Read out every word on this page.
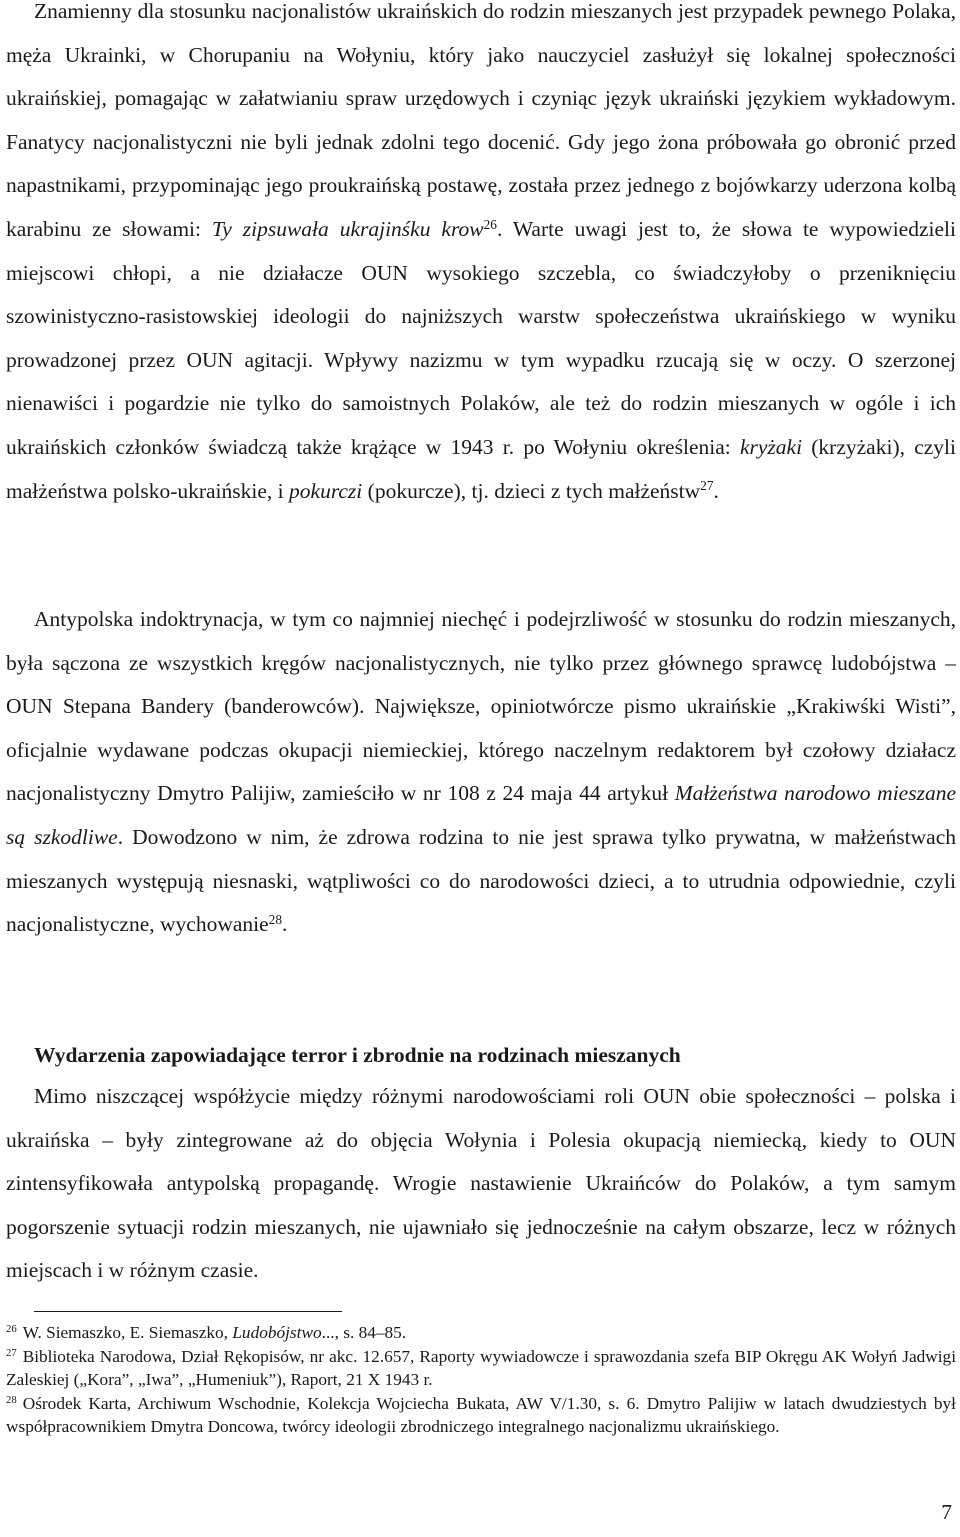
Znamienny dla stosunku nacjonalistów ukraińskich do rodzin mieszanych jest przypadek pewnego Polaka, męża Ukrainki, w Chorupaniu na Wołyniu, który jako nauczyciel zasłużył się lokalnej społeczności ukraińskiej, pomagając w załatwianiu spraw urzędowych i czyniąc język ukraiński językiem wykładowym. Fanatycy nacjonalistyczni nie byli jednak zdolni tego docenić. Gdy jego żona próbowała go obronić przed napastnikami, przypominając jego proukraińską postawę, została przez jednego z bojówkarzy uderzona kolbą karabinu ze słowami: Ty zipsuwała ukrajinśku krow$^{26}$. Warte uwagi jest to, że słowa te wypowiedzieli miejscowi chłopi, a nie działacze OUN wysokiego szczebla, co świadczyłoby o przeniknięciu szowinistyczno-rasistowskiej ideologii do najniższych warstw społeczeństwa ukraińskiego w wyniku prowadzonej przez OUN agitacji. Wpływy nazizmu w tym wypadku rzucają się w oczy. O szerzonej nienawiści i pogardzie nie tylko do samoistnych Polaków, ale też do rodzin mieszanych w ogóle i ich ukraińskich członków świadczą także krążące w 1943 r. po Wołyniu określenia: kryżaki (krzyżaki), czyli małżeństwa polsko-ukraińskie, i pokurczi (pokurcze), tj. dzieci z tych małżeństw$^{27}$.

Antypolska indoktrynacja, w tym co najmniej niechęć i podejrzliwość w stosunku do rodzin mieszanych, była sączona ze wszystkich kręgów nacjonalistycznych, nie tylko przez głównego sprawcę ludobójstwa – OUN Stepana Bandery (banderowców). Największe, opiniotwórcze pismo ukraińskie „Krakiwśki Wisti”, oficjalnie wydawane podczas okupacji niemieckiej, którego naczelnym redaktorem był czołowy działacz nacjonalistyczny Dmytro Palijiw, zamieściło w nr 108 z 24 maja 44 artykuł Małżeństwa narodowo mieszane są szkodliwe. Dowodzono w nim, że zdrowa rodzina to nie jest sprawa tylko prywatna, w małżeństwach mieszanych występują niesnaski, wątpliwości co do narodowości dzieci, a to utrudnia odpowiednie, czyli nacjonalistyczne, wychowanie$^{28}$.

Wydarzenia zapowiadające terror i zbrodnie na rodzinach mieszanych

Mimo niszczącej współżycie między różnymi narodowościami roli OUN obie społeczności – polska i ukraińska – były zintegrowane aż do objęcia Wołynia i Polesia okupacją niemiecką, kiedy to OUN zintensyfikowała antypolską propagandę. Wrogie nastawienie Ukraińców do Polaków, a tym samym pogorszenie sytuacji rodzin mieszanych, nie ujawniało się jednocześnie na całym obszarze, lecz w różnych miejscach i w różnym czasie.

$^{26}$ W. Siemaszko, E. Siemaszko, Ludobójstwo..., s. 84–85.

$^{27}$ Biblioteka Narodowa, Dział Rękopisów, nr akc. 12.657, Raporty wywiadowcze i sprawozdania szefa BIP Okręgu AK Wołyń Jadwigi Zaleskiej („Kora”, „Iwa”, „Humeniuk”), Raport, 21 X 1943 r.

$^{28}$ Ośrodek Karta, Archiwum Wschodnie, Kolekcja Wojciecha Bukata, AW V/1.30, s. 6. Dmytro Palijiw w latach dwudziestych był współpracownikiem Dmytra Doncowa, twórcy ideologii zbrodniczego integralnego nacjonalizmu ukraińskiego.

7
